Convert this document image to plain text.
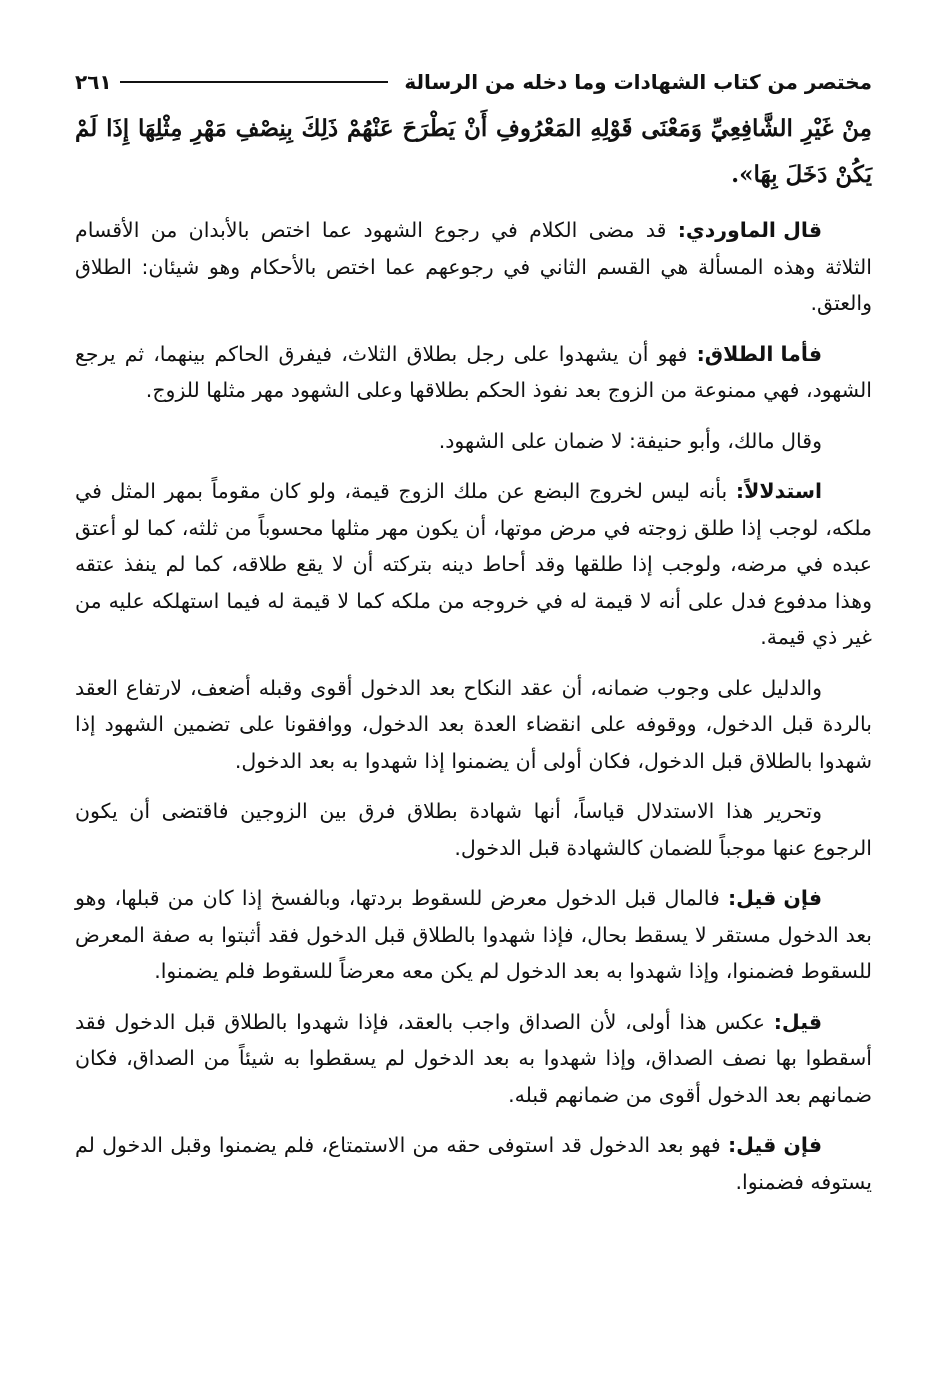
مختصر من كتاب الشهادات وما دخله من الرسالة
٢٦١

مِنْ غَيْرِ الشَّافِعِيِّ وَمَعْنَى قَوْلِهِ المَعْرُوفِ أَنْ يَطْرَحَ عَنْهُمْ ذَلِكَ بِنِصْفِ مَهْرِ مِثْلِهَا إِذَا لَمْ يَكُنْ دَخَلَ بِهَا».

قال الماوردي: قد مضى الكلام في رجوع الشهود عما اختص بالأبدان من الأقسام الثلاثة وهذه المسألة هي القسم الثاني في رجوعهم عما اختص بالأحكام وهو شيئان: الطلاق والعتق.

فأما الطلاق: فهو أن يشهدوا على رجل بطلاق الثلاث، فيفرق الحاكم بينهما، ثم يرجع الشهود، فهي ممنوعة من الزوج بعد نفوذ الحكم بطلاقها وعلى الشهود مهر مثلها للزوج.

وقال مالك، وأبو حنيفة: لا ضمان على الشهود.

استدلالاً: بأنه ليس لخروج البضع عن ملك الزوج قيمة، ولو كان مقوماً بمهر المثل في ملكه، لوجب إذا طلق زوجته في مرض موتها، أن يكون مهر مثلها محسوباً من ثلثه، كما لو أعتق عبده في مرضه، ولوجب إذا طلقها وقد أحاط دينه بتركته أن لا يقع طلاقه، كما لم ينفذ عتقه وهذا مدفوع فدل على أنه لا قيمة له في خروجه من ملكه كما لا قيمة له فيما استهلكه عليه من غير ذي قيمة.

والدليل على وجوب ضمانه، أن عقد النكاح بعد الدخول أقوى وقبله أضعف، لارتفاع العقد بالردة قبل الدخول، ووقوفه على انقضاء العدة بعد الدخول، ووافقونا على تضمين الشهود إذا شهدوا بالطلاق قبل الدخول، فكان أولى أن يضمنوا إذا شهدوا به بعد الدخول.

وتحرير هذا الاستدلال قياساً، أنها شهادة بطلاق فرق بين الزوجين فاقتضى أن يكون الرجوع عنها موجباً للضمان كالشهادة قبل الدخول.

فإن قيل: فالمال قبل الدخول معرض للسقوط بردتها، وبالفسخ إذا كان من قبلها، وهو بعد الدخول مستقر لا يسقط بحال، فإذا شهدوا بالطلاق قبل الدخول فقد أثبتوا به صفة المعرض للسقوط فضمنوا، وإذا شهدوا به بعد الدخول لم يكن معه معرضاً للسقوط فلم يضمنوا.

قيل: عكس هذا أولى، لأن الصداق واجب بالعقد، فإذا شهدوا بالطلاق قبل الدخول فقد أسقطوا بها نصف الصداق، وإذا شهدوا به بعد الدخول لم يسقطوا به شيئاً من الصداق، فكان ضمانهم بعد الدخول أقوى من ضمانهم قبله.

فإن قيل: فهو بعد الدخول قد استوفى حقه من الاستمتاع، فلم يضمنوا وقبل الدخول لم يستوفه فضمنوا.
